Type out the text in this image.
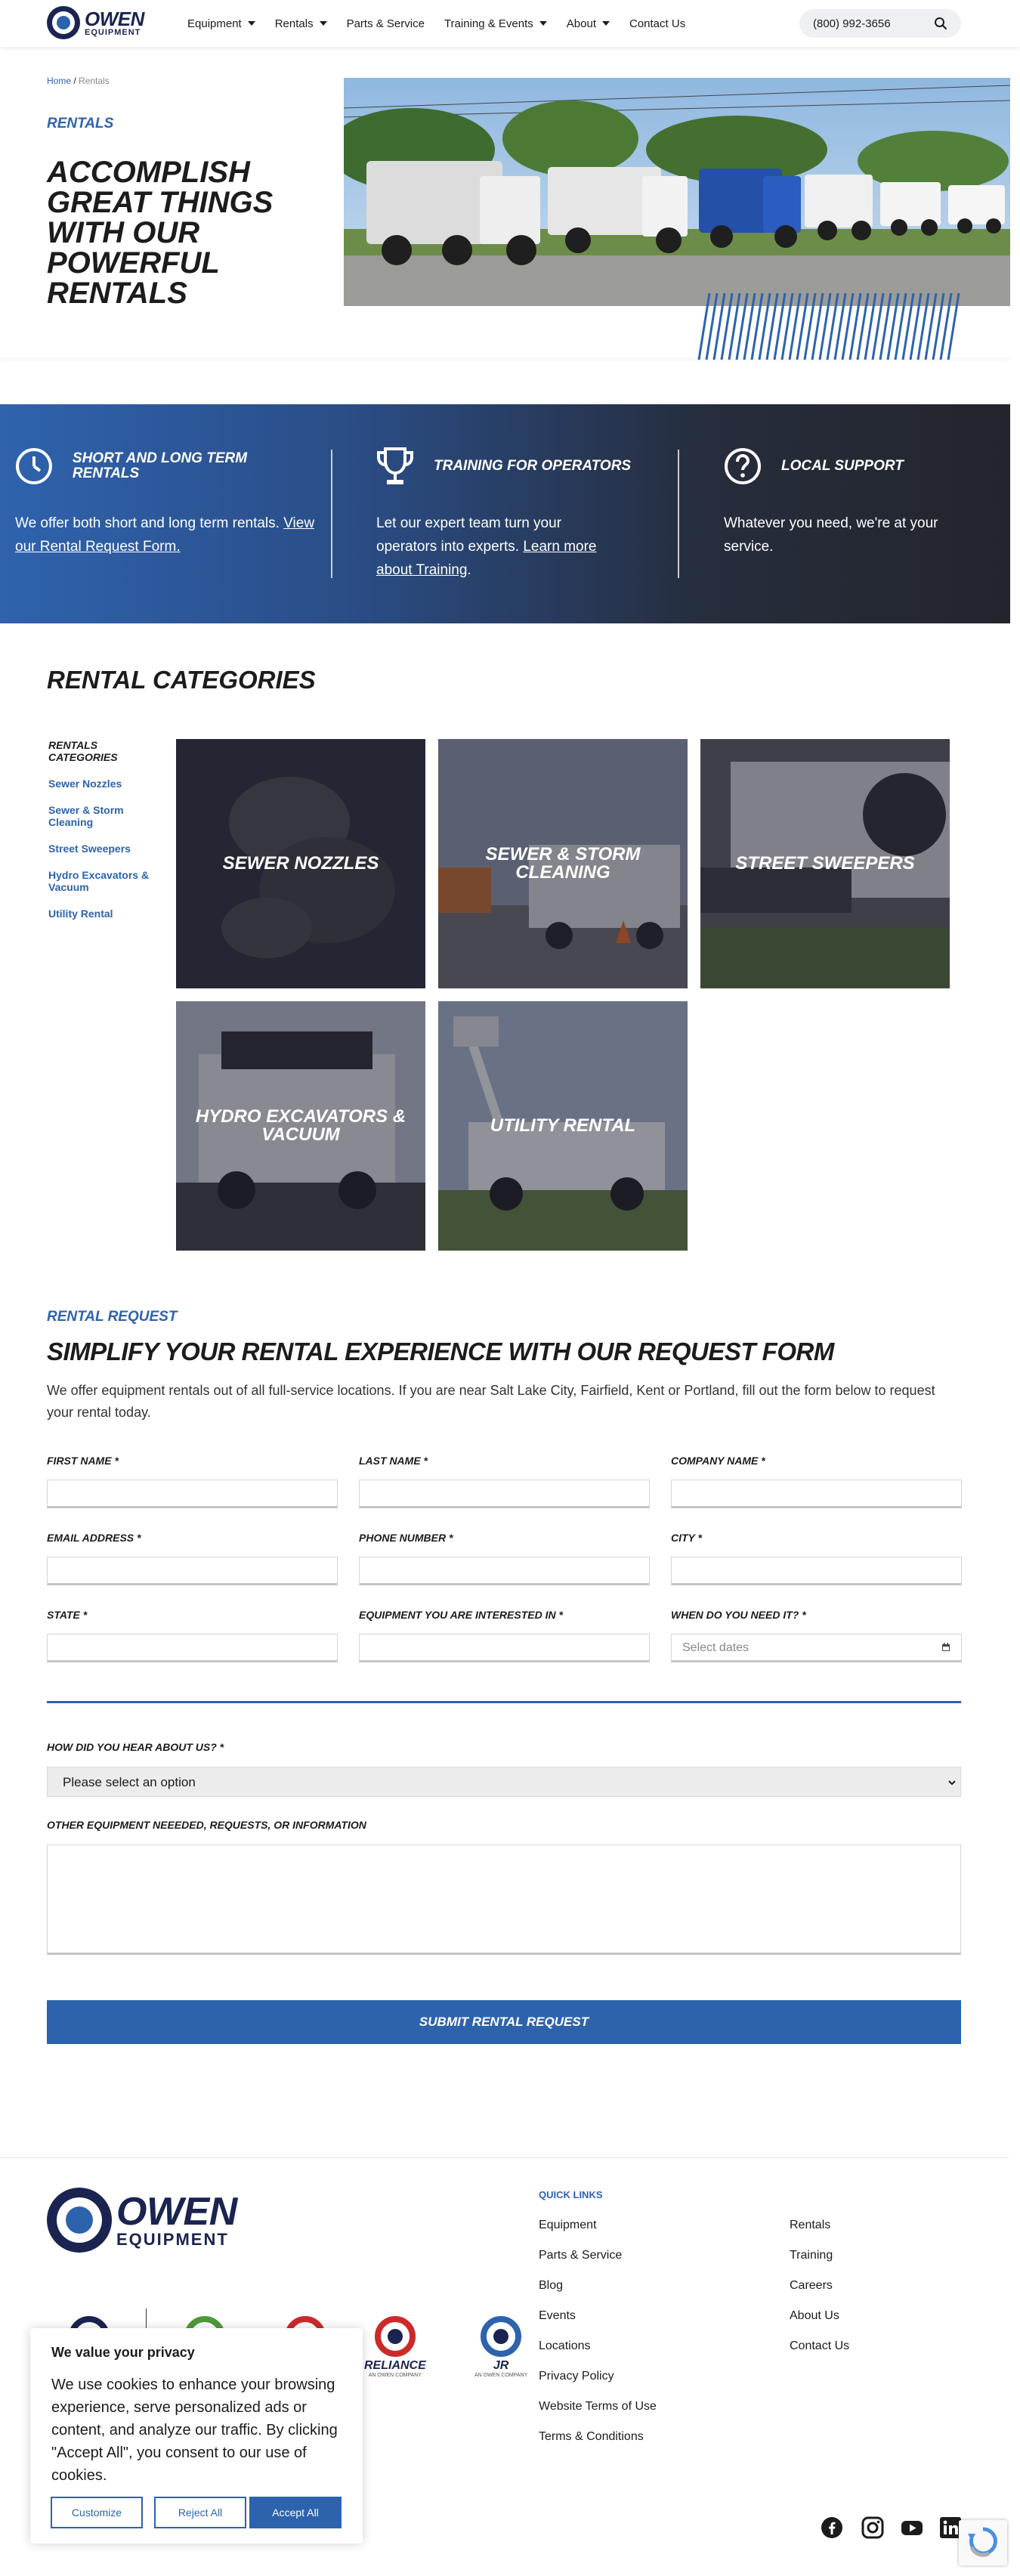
OWEN
EQUIPMENT
Equipment	Rentals	Parts & Service Training & Events	About	Contact Us	(800) 992-3656
Home / Rentals
RENTALS
ACCOMPLISH GREAT THINGS WITH OUR POWERFUL RENTALS
SHORT AND LONG TERM RENTALS
We offer both short and long term rentals. View our Rental Request Form.
TRAINING FOR OPERATORS
Let our expert team turn your operators into experts. Learn more about Training.
LOCAL SUPPORT
Whatever you need, we're at your service.
RENTAL CATEGORIES
RENTALS CATEGORIES
Sewer Nozzles
Sewer & Storm Cleaning
Street Sweepers
Hydro Excavators & Vacuum
Utility Rental
SEWER NOZZLES	SEWER & STORM CLEANING	STREET SWEEPERS
HYDRO EXCAVATORS & VACUUM	UTILITY RENTAL
RENTAL REQUEST
SIMPLIFY YOUR RENTAL EXPERIENCE WITH OUR REQUEST FORM
We offer equipment rentals out of all full-service locations. If you are near Salt Lake City, Fairfield, Kent or Portland, fill out the form below to request your rental today.
FIRST NAME *	LAST NAME *	COMPANY NAME *
EMAIL ADDRESS *	PHONE NUMBER *	CITY *
STATE *	EQUIPMENT YOU ARE INTERESTED IN *	WHEN DO YOU NEED IT? *
Select dates
HOW DID YOU HEAR ABOUT US? *
Please select an option
OTHER EQUIPMENT NEEEDED, REQUESTS, OR INFORMATION
SUBMIT RENTAL REQUEST
OWEN
EQUIPMENT
QUICK LINKS
Equipment
Parts & Service
Blog
Events
Locations
Privacy Policy
Website Terms of Use
Terms & Conditions
Rentals
Training
Careers
About Us
Contact Us
RELIANCE
AN OWEN COMPANY
JR
AN OWEN COMPANY
We value your privacy
We use cookies to enhance your browsing experience, serve personalized ads or content, and analyze our traffic. By clicking "Accept All", you consent to our use of cookies.
Customize	Reject All	Accept All
